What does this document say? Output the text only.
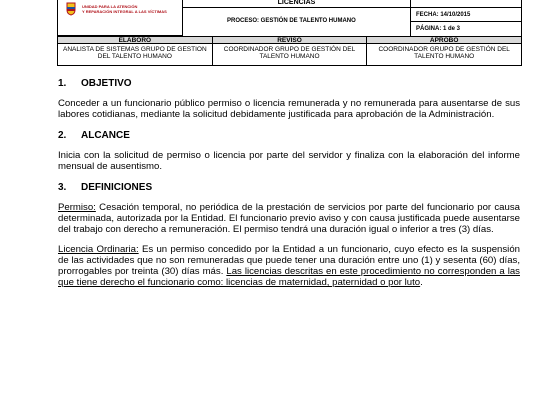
UNIDAD PARA LA ATENCIÓN
Y REPARACIÓN INTEGRAL A LAS VÍCTIMAS
LICENCIAS
PROCESO: GESTIÓN DE TALENTO HUMANO
FECHA: 14/10/2015
PÁGINA: 1 de 3
ELABORÓ	REVISÓ	APROBÓ
ANALISTA DE SISTEMAS GRUPO DE GESTION DEL TALENTO HUMANO
COORDINADOR GRUPO DE GESTIÓN DEL TALENTO HUMANO
COORDINADOR GRUPO DE GESTIÓN DEL TALENTO HUMANO
1. OBJETIVO

Conceder a un funcionario público permiso o licencia remunerada y no remunerada para ausentarse de sus labores cotidianas, mediante la solicitud debidamente justificada para aprobación de la Administración.

2. ALCANCE

Inicia con la solicitud de permiso o licencia por parte del servidor y finaliza con la elaboración del informe mensual de ausentismo.

3. DEFINICIONES

Permiso: Cesación temporal, no periódica de la prestación de servicios por parte del funcionario por causa determinada, autorizada por la Entidad. El funcionario previo aviso y con causa justificada puede ausentarse del trabajo con derecho a remuneración. El permiso tendrá una duración igual o inferior a tres (3) días.

Licencia Ordinaria: Es un permiso concedido por la Entidad a un funcionario, cuyo efecto es la suspensión de las actividades que no son remuneradas que puede tener una duración entre uno (1) y sesenta (60) días, prorrogables por treinta (30) días más. Las licencias descritas en este procedimiento no corresponden a las que tiene derecho el funcionario como: licencias de maternidad, paternidad o por luto.
